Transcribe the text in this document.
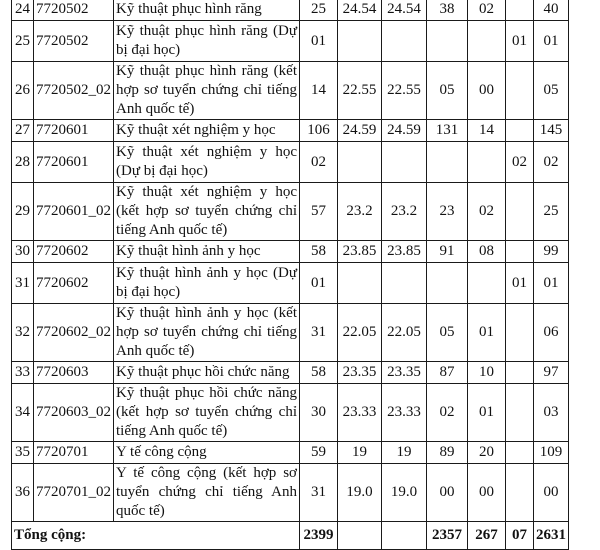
24	7720502	Kỹ thuật phục hình răng	25	24.54	24.54	38	02		40
25	7720502	Kỹ thuật phục hình răng (Dự bị đại học)	01					01	01
26	7720502_02	Kỹ thuật phục hình răng (kết hợp sơ tuyển chứng chỉ tiếng Anh quốc tế)	14	22.55	22.55	05	00		05
27	7720601	Kỹ thuật xét nghiệm y học	106	24.59	24.59	131	14		145
28	7720601	Kỹ thuật xét nghiệm y học (Dự bị đại học)	02					02	02
29	7720601_02	Kỹ thuật xét nghiệm y học (kết hợp sơ tuyển chứng chỉ tiếng Anh quốc tế)	57	23.2	23.2	23	02		25
30	7720602	Kỹ thuật hình ảnh y học	58	23.85	23.85	91	08		99
31	7720602	Kỹ thuật hình ảnh y học (Dự bị đại học)	01					01	01
32	7720602_02	Kỹ thuật hình ảnh y học (kết hợp sơ tuyển chứng chỉ tiếng Anh quốc tế)	31	22.05	22.05	05	01		06
33	7720603	Kỹ thuật phục hồi chức năng	58	23.35	23.35	87	10		97
34	7720603_02	Kỹ thuật phục hồi chức năng (kết hợp sơ tuyển chứng chỉ tiếng Anh quốc tế)	30	23.33	23.33	02	01		03
35	7720701	Y tế công cộng	59	19	19	89	20		109
36	7720701_02	Y tế công cộng (kết hợp sơ tuyển chứng chỉ tiếng Anh quốc tế)	31	19.0	19.0	00	00		00
Tổng cộng:			2399			2357	267	07	2631
